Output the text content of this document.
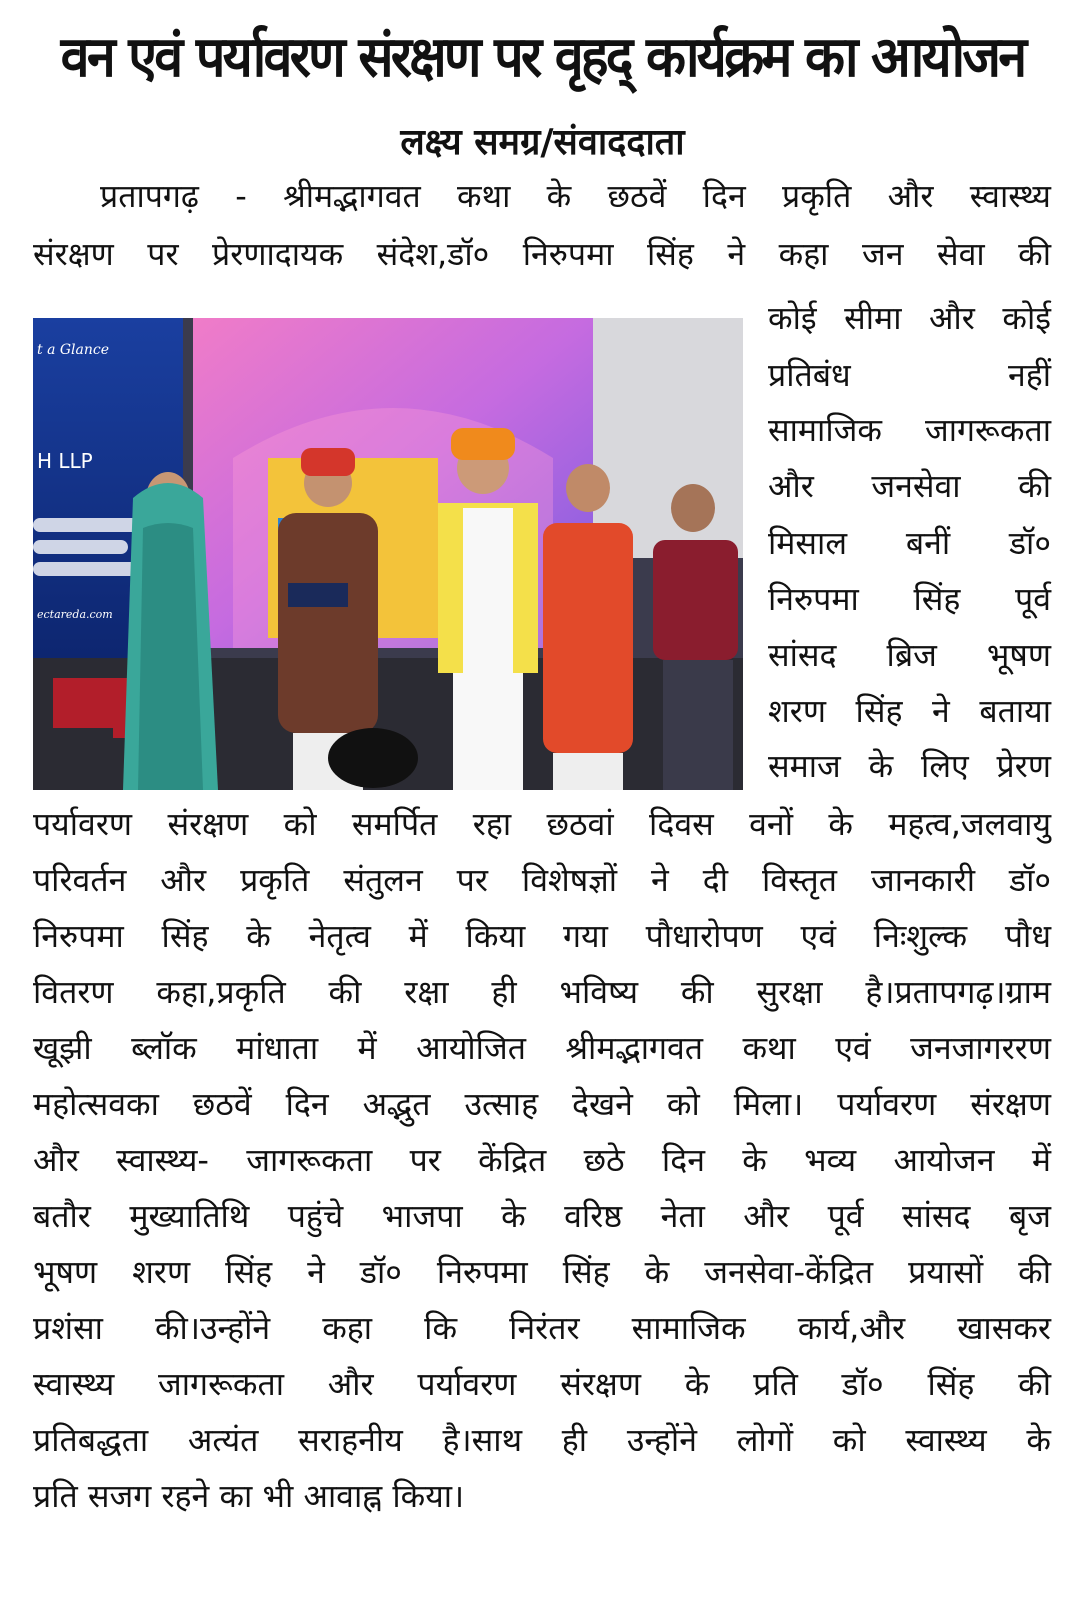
वन एवं पर्यावरण संरक्षण पर वृहद् कार्यक्रम का आयोजन
लक्ष्य समग्र/संवाददाता
प्रतापगढ़ - श्रीमद्भागवत कथा के छठवें दिन प्रकृति और स्वास्थ्य
संरक्षण पर प्रेरणादायक संदेश,डॉ० निरुपमा सिंह ने कहा जन सेवा की
t a Glance
H LLP
ectareda.com
कोई सीमा और कोई
प्रतिबंध नहीं
सामाजिक जागरूकता
और जनसेवा की
मिसाल बनीं डॉ०
निरुपमा सिंह पूर्व
सांसद ब्रिज भूषण
शरण सिंह ने बताया
समाज के लिए प्रेरण
पर्यावरण संरक्षण को समर्पित रहा छठवां दिवस वनों के महत्व,जलवायु
परिवर्तन और प्रकृति संतुलन पर विशेषज्ञों ने दी विस्तृत जानकारी डॉ०
निरुपमा सिंह के नेतृत्व में किया गया पौधारोपण एवं निःशुल्क पौध
वितरण कहा,प्रकृति की रक्षा ही भविष्य की सुरक्षा है।प्रतापगढ़।ग्राम
खूझी ब्लॉक मांधाता में आयोजित श्रीमद्भागवत कथा एवं जनजागररण
महोत्सवका छठवें दिन अद्भुत उत्साह देखने को मिला। पर्यावरण संरक्षण
और स्वास्थ्य- जागरूकता पर केंद्रित छठे दिन के भव्य आयोजन में
बतौर मुख्यातिथि पहुंचे भाजपा के वरिष्ठ नेता और पूर्व सांसद बृज
भूषण शरण सिंह ने डॉ० निरुपमा सिंह के जनसेवा-केंद्रित प्रयासों की
प्रशंसा की।उन्होंने कहा कि निरंतर सामाजिक कार्य,और खासकर
स्वास्थ्य जागरूकता और पर्यावरण संरक्षण के प्रति डॉ० सिंह की
प्रतिबद्धता अत्यंत सराहनीय है।साथ ही उन्होंने लोगों को स्वास्थ्य के
प्रति सजग रहने का भी आवाह्न किया।
